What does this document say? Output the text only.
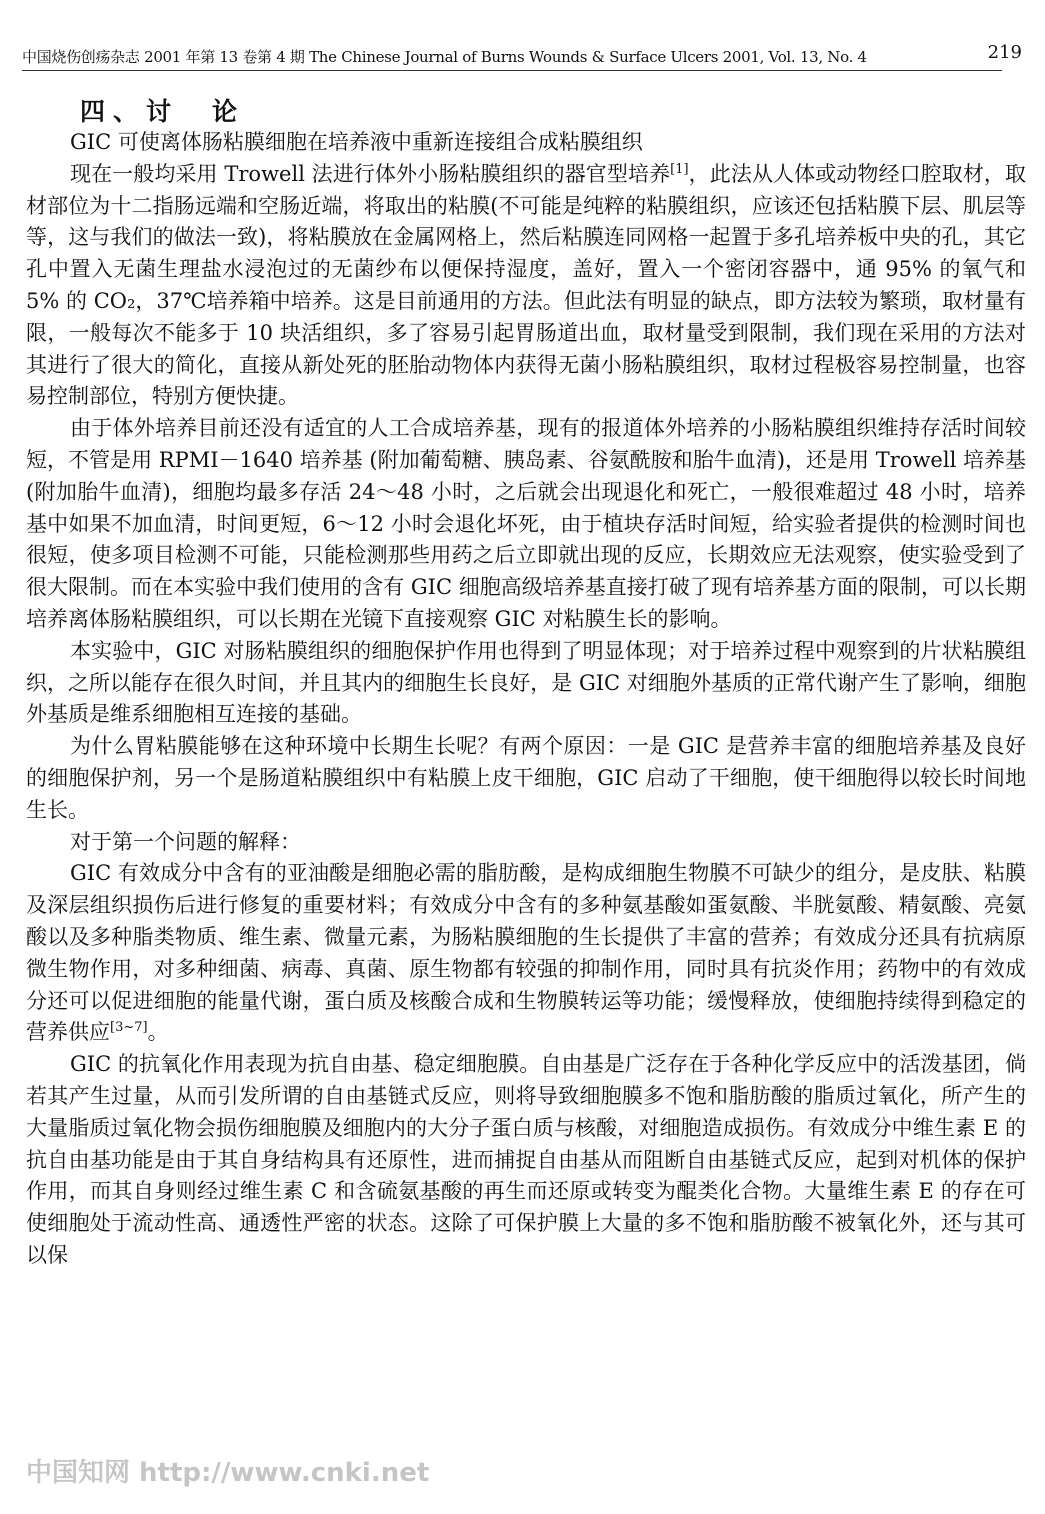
中国烧伤创疡杂志 2001 年第 13 卷第 4 期 The Chinese Journal of Burns Wounds & Surface Ulcers 2001, Vol. 13, No. 4	219
四、讨　论

GIC 可使离体肠粘膜细胞在培养液中重新连接组合成粘膜组织

现在一般均采用 Trowell 法进行体外小肠粘膜组织的器官型培养[1]，此法从人体或动物经口腔取材，取材部位为十二指肠远端和空肠近端，将取出的粘膜(不可能是纯粹的粘膜组织，应该还包括粘膜下层、肌层等等，这与我们的做法一致)，将粘膜放在金属网格上，然后粘膜连同网格一起置于多孔培养板中央的孔，其它孔中置入无菌生理盐水浸泡过的无菌纱布以便保持湿度，盖好，置入一个密闭容器中，通 95% 的氧气和 5% 的 CO₂，37℃培养箱中培养。这是目前通用的方法。但此法有明显的缺点，即方法较为繁琐，取材量有限，一般每次不能多于 10 块活组织，多了容易引起胃肠道出血，取材量受到限制，我们现在采用的方法对其进行了很大的简化，直接从新处死的胚胎动物体内获得无菌小肠粘膜组织，取材过程极容易控制量，也容易控制部位，特别方便快捷。

由于体外培养目前还没有适宜的人工合成培养基，现有的报道体外培养的小肠粘膜组织维持存活时间较短，不管是用 RPMI－1640 培养基 (附加葡萄糖、胰岛素、谷氨酰胺和胎牛血清)，还是用 Trowell 培养基 (附加胎牛血清)，细胞均最多存活 24～48 小时，之后就会出现退化和死亡，一般很难超过 48 小时，培养基中如果不加血清，时间更短，6～12 小时会退化坏死，由于植块存活时间短，给实验者提供的检测时间也很短，使多项目检测不可能，只能检测那些用药之后立即就出现的反应，长期效应无法观察，使实验受到了很大限制。而在本实验中我们使用的含有 GIC 细胞高级培养基直接打破了现有培养基方面的限制，可以长期培养离体肠粘膜组织，可以长期在光镜下直接观察 GIC 对粘膜生长的影响。

本实验中，GIC 对肠粘膜组织的细胞保护作用也得到了明显体现；对于培养过程中观察到的片状粘膜组织，之所以能存在很久时间，并且其内的细胞生长良好，是 GIC 对细胞外基质的正常代谢产生了影响，细胞外基质是维系细胞相互连接的基础。

为什么胃粘膜能够在这种环境中长期生长呢？有两个原因：一是 GIC 是营养丰富的细胞培养基及良好的细胞保护剂，另一个是肠道粘膜组织中有粘膜上皮干细胞，GIC 启动了干细胞，使干细胞得以较长时间地生长。

对于第一个问题的解释：

GIC 有效成分中含有的亚油酸是细胞必需的脂肪酸，是构成细胞生物膜不可缺少的组分，是皮肤、粘膜及深层组织损伤后进行修复的重要材料；有效成分中含有的多种氨基酸如蛋氨酸、半胱氨酸、精氨酸、亮氨酸以及多种脂类物质、维生素、微量元素，为肠粘膜细胞的生长提供了丰富的营养；有效成分还具有抗病原微生物作用，对多种细菌、病毒、真菌、原生物都有较强的抑制作用，同时具有抗炎作用；药物中的有效成分还可以促进细胞的能量代谢，蛋白质及核酸合成和生物膜转运等功能；缓慢释放，使细胞持续得到稳定的营养供应[3~7]。

GIC 的抗氧化作用表现为抗自由基、稳定细胞膜。自由基是广泛存在于各种化学反应中的活泼基团，倘若其产生过量，从而引发所谓的自由基链式反应，则将导致细胞膜多不饱和脂肪酸的脂质过氧化，所产生的大量脂质过氧化物会损伤细胞膜及细胞内的大分子蛋白质与核酸，对细胞造成损伤。有效成分中维生素 E 的抗自由基功能是由于其自身结构具有还原性，进而捕捉自由基从而阻断自由基链式反应，起到对机体的保护作用，而其自身则经过维生素 C 和含硫氨基酸的再生而还原或转变为醌类化合物。大量维生素 E 的存在可使细胞处于流动性高、通透性严密的状态。这除了可保护膜上大量的多不饱和脂肪酸不被氧化外，还与其可以保

中国知网 http://www.cnki.net
